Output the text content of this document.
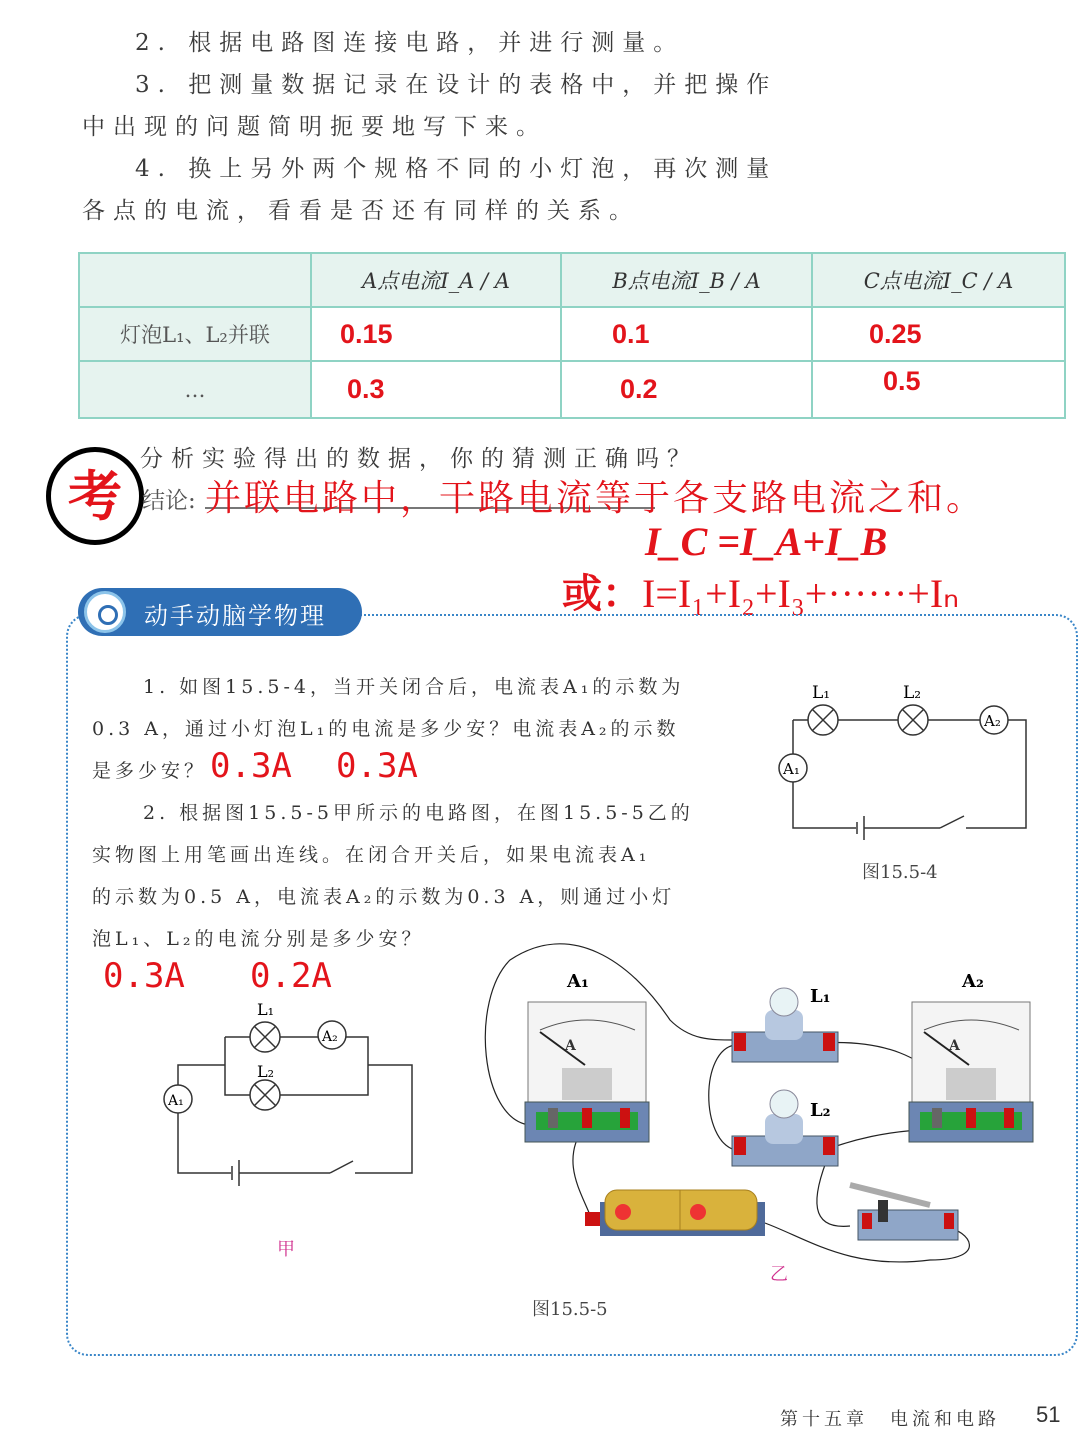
2. 根据电路图连接电路，并进行测量。
3. 把测量数据记录在设计的表格中，并把操作
中出现的问题简明扼要地写下来。
4. 换上另外两个规格不同的小灯泡，再次测量
各点的电流，看看是否还有同样的关系。
	A点电流I_A / A	B点电流I_B / A	C点电流I_C / A
灯泡L₁、L₂并联	0.15	0.1	0.25
…	0.3	0.2	0.5
分析实验得出的数据，你的猜测正确吗？
考 结论: 并联电路中，干路电流等于各支路电流之和。
I_C =I_A+I_B
或：I=I₁+I₂+I₃+······+Iₙ
动手动脑学物理
1. 如图15.5-4，当开关闭合后，电流表A₁的示数为
0.3 A，通过小灯泡L₁的电流是多少安？电流表A₂的示数
是多少安？ 0.3A 0.3A
2. 根据图15.5-5甲所示的电路图，在图15.5-5乙的
实物图上用笔画出连线。在闭合开关后，如果电流表A₁
的示数为0.5 A，电流表A₂的示数为0.3 A，则通过小灯
泡L₁、L₂的电流分别是多少安？
0.3A 0.2A
L₁	L₂
A₂
A₁
图15.5-4
L₁
L₂
A₂
A₁
甲
A
A₁
A
A₂
L₁
L₂
乙
图15.5-5
第十五章　电流和电路 51
